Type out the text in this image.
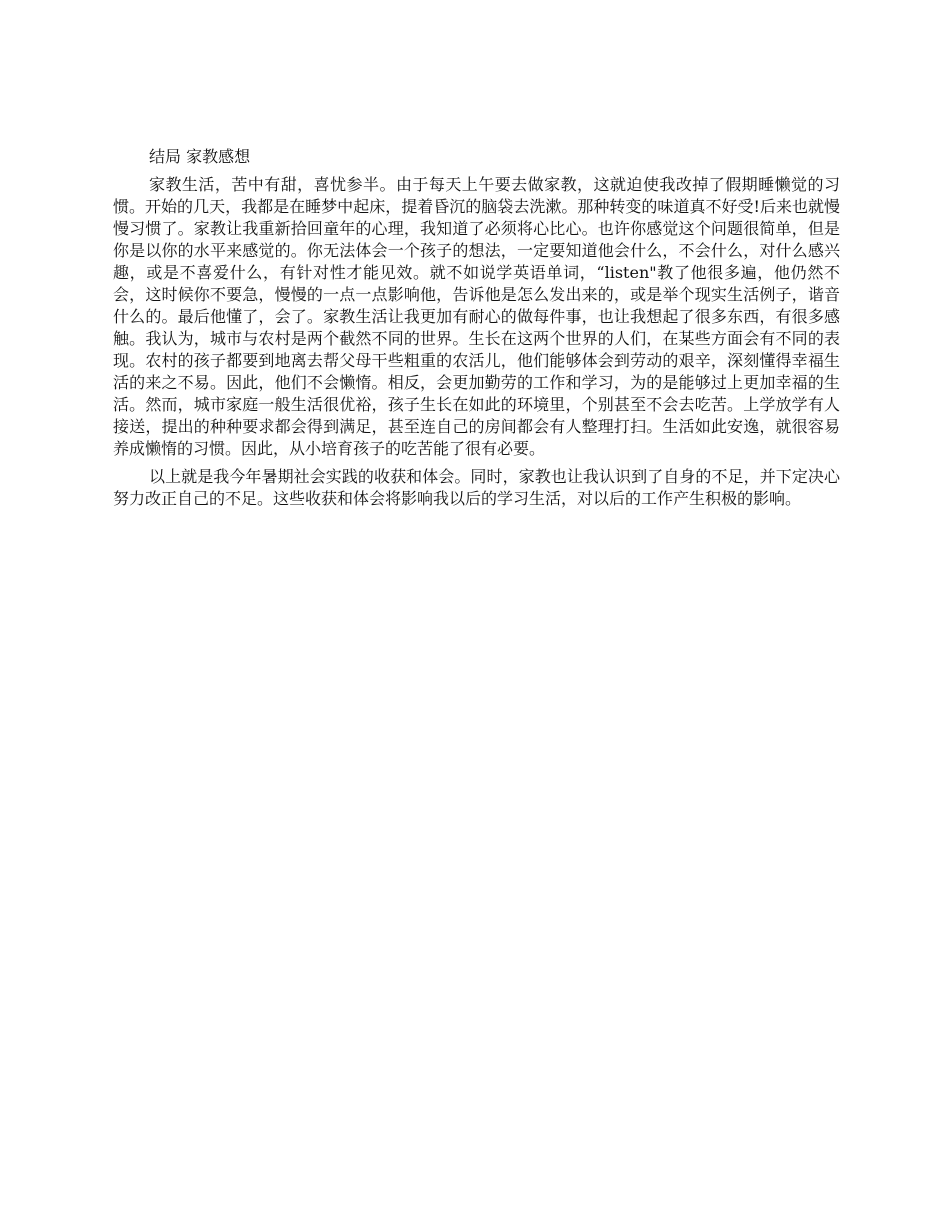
结局 家教感想

家教生活，苦中有甜，喜忧参半。由于每天上午要去做家教，这就迫使我改掉了假期睡懒觉的习惯。开始的几天，我都是在睡梦中起床，提着昏沉的脑袋去洗漱。那种转变的味道真不好受!后来也就慢慢习惯了。家教让我重新拾回童年的心理，我知道了必须将心比心。也许你感觉这个问题很简单，但是你是以你的水平来感觉的。你无法体会一个孩子的想法，一定要知道他会什么，不会什么，对什么感兴趣，或是不喜爱什么，有针对性才能见效。就不如说学英语单词，“listen"教了他很多遍，他仍然不会，这时候你不要急，慢慢的一点一点影响他，告诉他是怎么发出来的，或是举个现实生活例子，谐音什么的。最后他懂了，会了。家教生活让我更加有耐心的做每件事，也让我想起了很多东西，有很多感触。我认为，城市与农村是两个截然不同的世界。生长在这两个世界的人们，在某些方面会有不同的表现。农村的孩子都要到地离去帮父母干些粗重的农活儿，他们能够体会到劳动的艰辛，深刻懂得幸福生活的来之不易。因此，他们不会懒惰。相反，会更加勤劳的工作和学习，为的是能够过上更加幸福的生活。然而，城市家庭一般生活很优裕，孩子生长在如此的环境里，个别甚至不会去吃苦。上学放学有人接送，提出的种种要求都会得到满足，甚至连自己的房间都会有人整理打扫。生活如此安逸，就很容易养成懒惰的习惯。因此，从小培育孩子的吃苦能了很有必要。

以上就是我今年暑期社会实践的收获和体会。同时，家教也让我认识到了自身的不足，并下定决心努力改正自己的不足。这些收获和体会将影响我以后的学习生活，对以后的工作产生积极的影响。
